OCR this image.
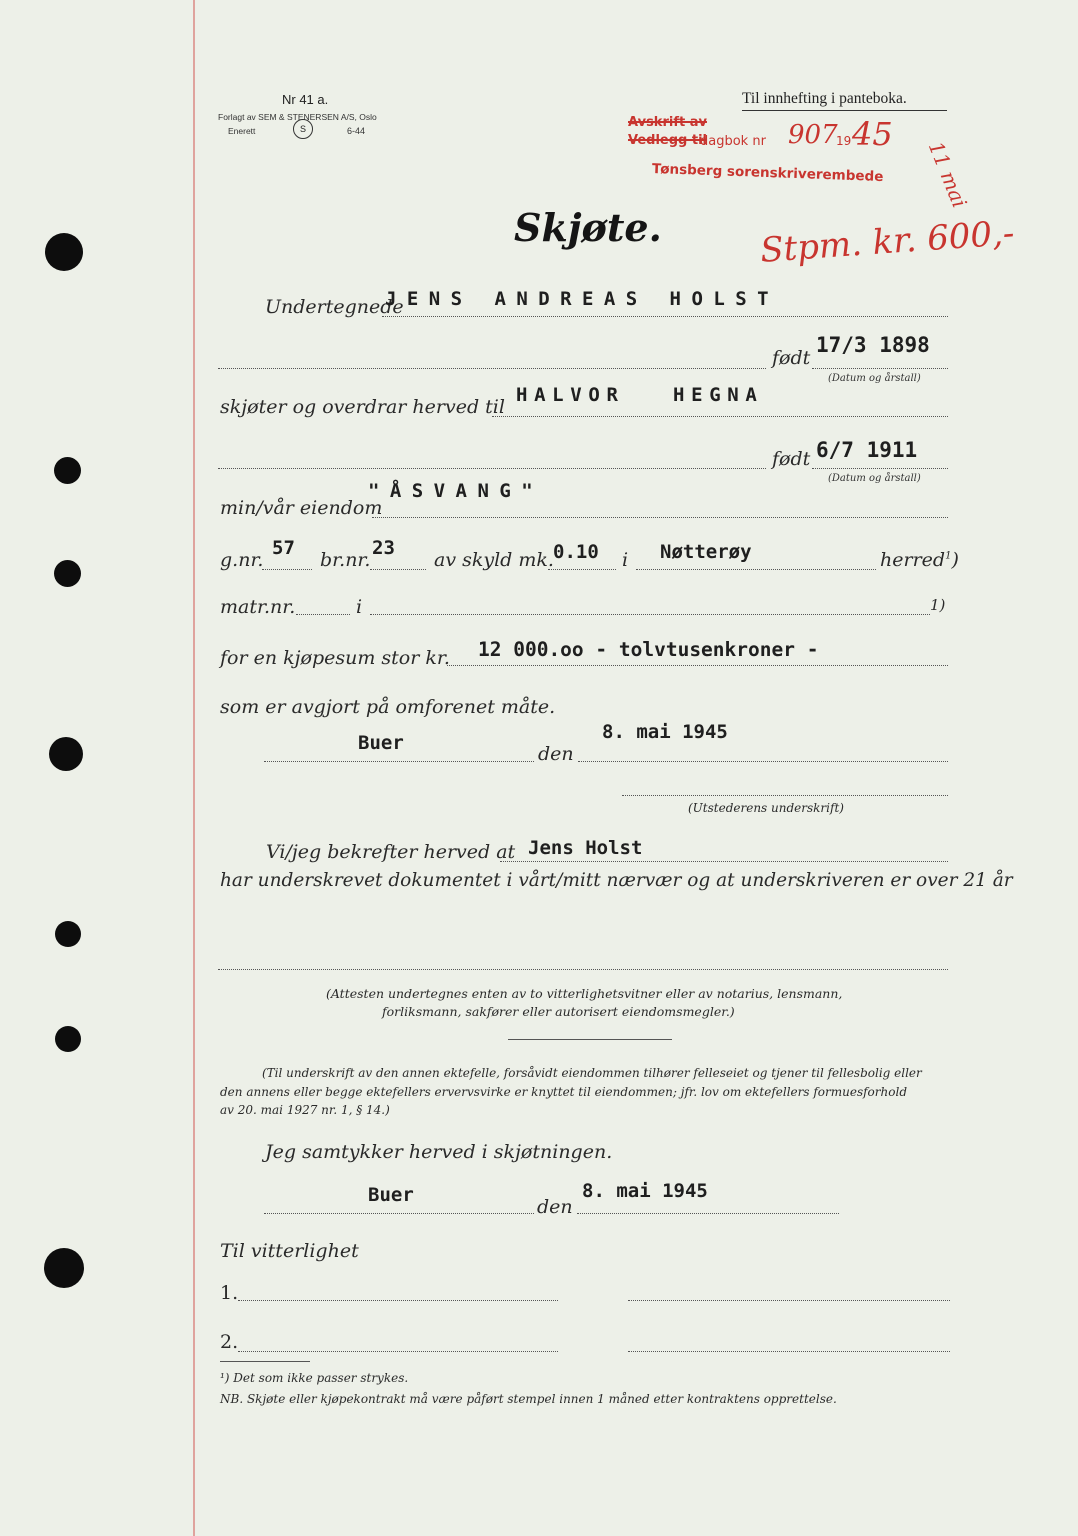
Nr 41 a.
Forlagt av SEM & STENERSEN A/S, Oslo
Enerett	S	6-44
Til innhefting i panteboka.
Avskrift av
Vedlegg til
dagbok nr 907
19 45
11 mai
Tønsberg sorenskriverembede
Stpm. kr. 600,-
Skjøte.
Undertegnede
JENS ANDREAS HOLST
født
17/3 1898
(Datum og årstall)
skjøter og overdrar herved til
HALVOR HEGNA
født 6/7 1911
(Datum og årstall)
min/vår eiendom
"ÅSVANG"
g.nr.
57
br.nr.
23
av skyld mk. 0.10 i Nøtterøy	herred$^1$)
matr.nr.	i	1)
for en kjøpesum stor kr. 12 000.oo - tolvtusenkroner -
som er avgjort på omforenet måte.
Buer	den
8. mai 1945
(Utstederens underskrift)
Vi/jeg bekrefter herved at Jens Holst
har underskrevet dokumentet i vårt/mitt nærvær og at underskriveren er over 21 år
(Attesten undertegnes enten av to vitterlighetsvitner eller av notarius, lensmann,
forliksmann, sakfører eller autorisert eiendomsmegler.)
(Til underskrift av den annen ektefelle, forsåvidt eiendommen tilhører felleseiet og tjener til fellesbolig eller
den annens eller begge ektefellers ervervsvirke er knyttet til eiendommen; jfr. lov om ektefellers formuesforhold
av 20. mai 1927 nr. 1, § 14.)
Jeg samtykker herved i skjøtningen.
Buer
den
8. mai 1945
Til vitterlighet
1.
2.
¹) Det som ikke passer strykes.
NB. Skjøte eller kjøpekontrakt må være påført stempel innen 1 måned etter kontraktens opprettelse.
